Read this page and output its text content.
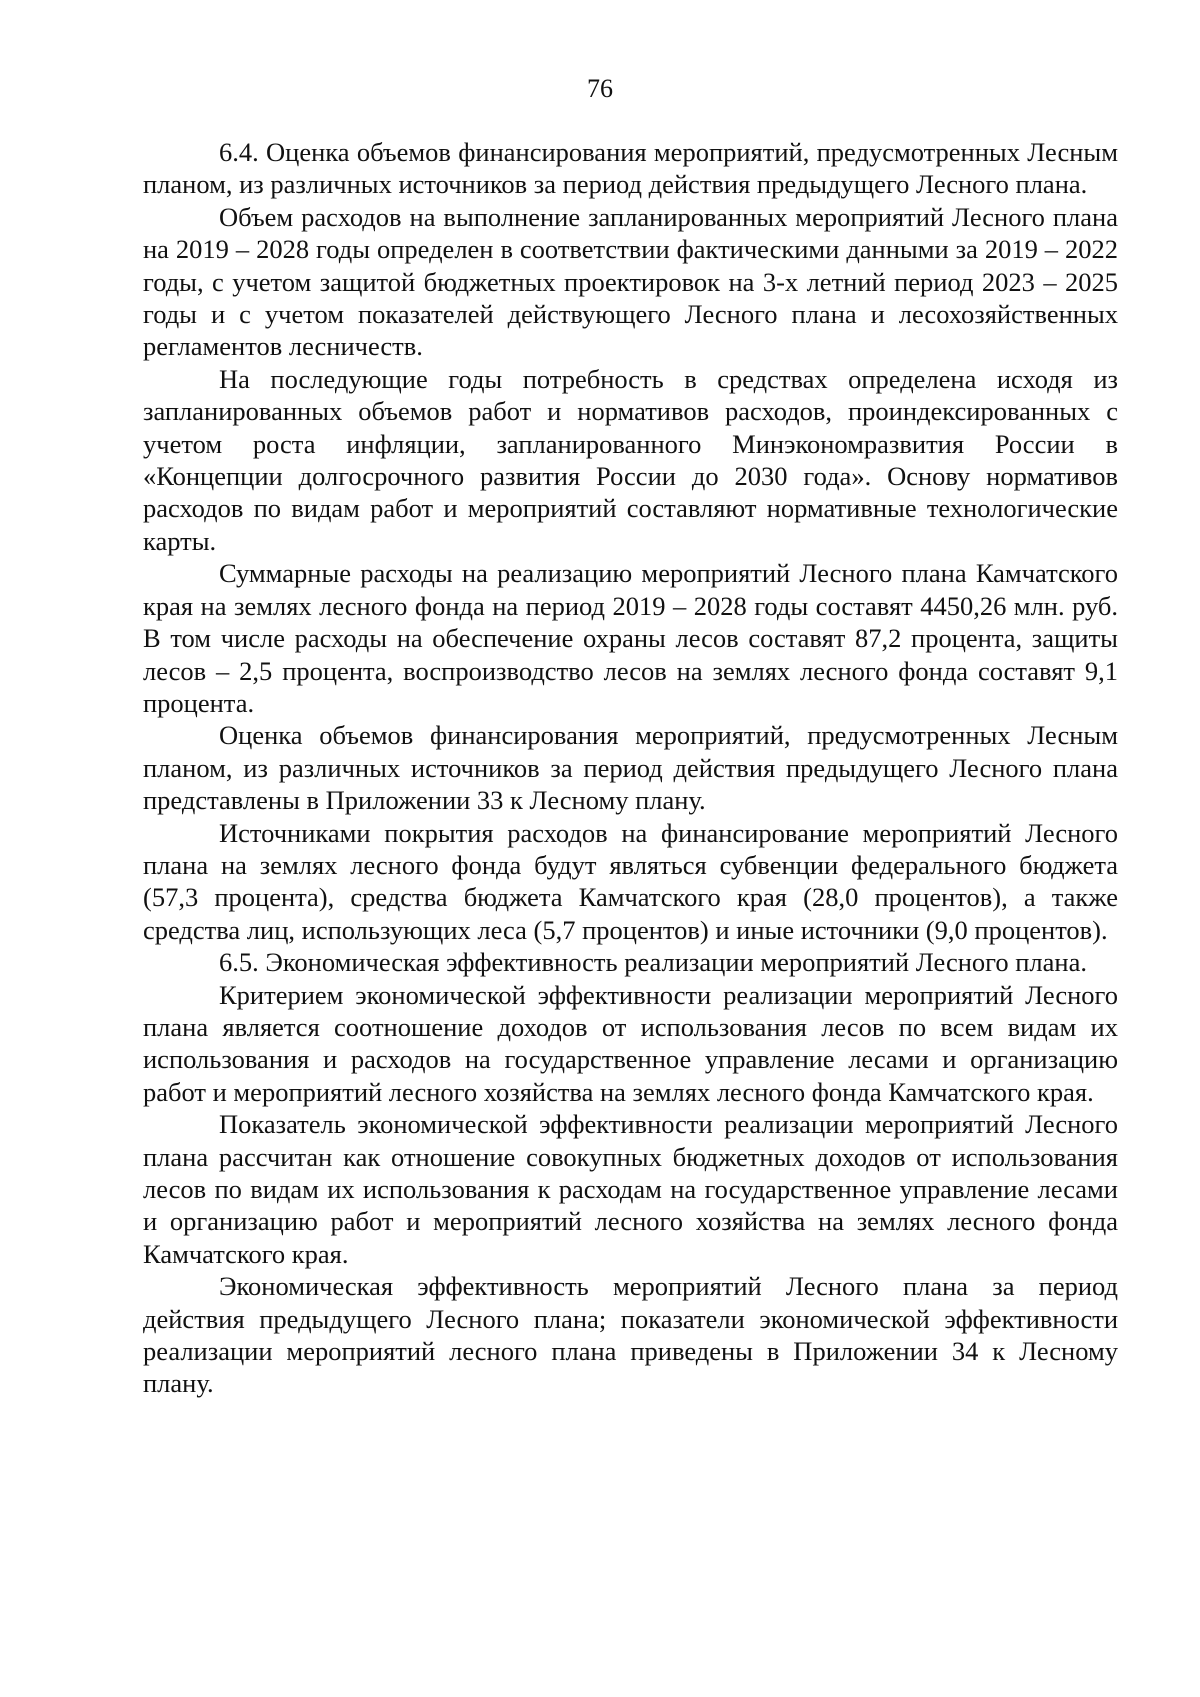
76

6.4. Оценка объемов финансирования мероприятий, предусмотренных Лесным планом, из различных источников за период действия предыдущего Лесного плана.

Объем расходов на выполнение запланированных мероприятий Лесного плана на 2019 – 2028 годы определен в соответствии фактическими данными за 2019 – 2022 годы, с учетом защитой бюджетных проектировок на 3-х летний период 2023 – 2025 годы и с учетом показателей действующего Лесного плана и лесохозяйственных регламентов лесничеств.

На последующие годы потребность в средствах определена исходя из запланированных объемов работ и нормативов расходов, проиндексированных с учетом роста инфляции, запланированного Минэкономразвития России в «Концепции долгосрочного развития России до 2030 года». Основу нормативов расходов по видам работ и мероприятий составляют нормативные технологические карты.

Суммарные расходы на реализацию мероприятий Лесного плана Камчатского края на землях лесного фонда на период 2019 – 2028 годы составят 4450,26 млн. руб. В том числе расходы на обеспечение охраны лесов составят 87,2 процента, защиты лесов – 2,5 процента, воспроизводство лесов на землях лесного фонда составят 9,1 процента.

Оценка объемов финансирования мероприятий, предусмотренных Лесным планом, из различных источников за период действия предыдущего Лесного плана представлены в Приложении 33 к Лесному плану.

Источниками покрытия расходов на финансирование мероприятий Лесного плана на землях лесного фонда будут являться субвенции федерального бюджета (57,3 процента), средства бюджета Камчатского края (28,0 процентов), а также средства лиц, использующих леса (5,7 процентов) и иные источники (9,0 процентов).

6.5. Экономическая эффективность реализации мероприятий Лесного плана.

Критерием экономической эффективности реализации мероприятий Лесного плана является соотношение доходов от использования лесов по всем видам их использования и расходов на государственное управление лесами и организацию работ и мероприятий лесного хозяйства на землях лесного фонда Камчатского края.

Показатель экономической эффективности реализации мероприятий Лесного плана рассчитан как отношение совокупных бюджетных доходов от использования лесов по видам их использования к расходам на государственное управление лесами и организацию работ и мероприятий лесного хозяйства на землях лесного фонда Камчатского края.

Экономическая эффективность мероприятий Лесного плана за период действия предыдущего Лесного плана; показатели экономической эффективности реализации мероприятий лесного плана приведены в Приложении 34 к Лесному плану.
